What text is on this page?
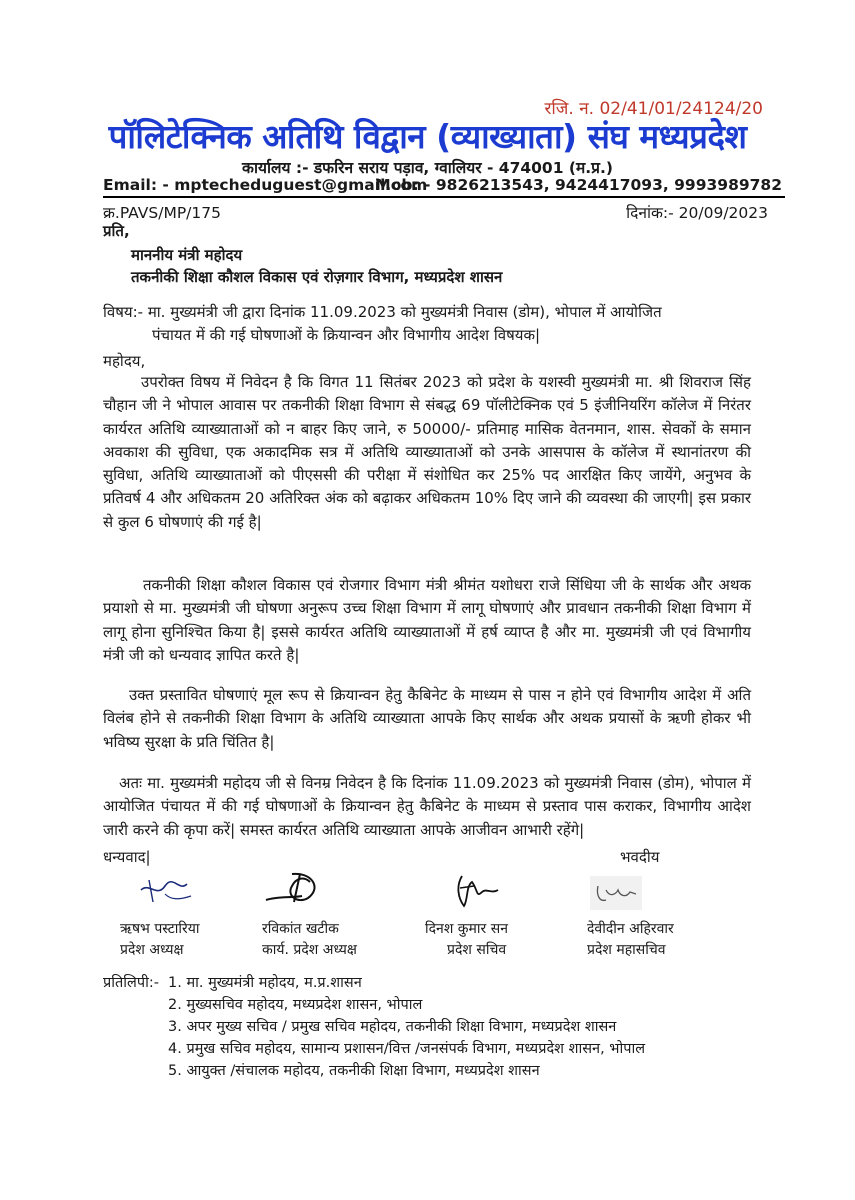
रजि. न. 02/41/01/24124/20
पॉलिटेक्निक अतिथि विद्वान (व्याख्याता) संघ मध्यप्रदेश
कार्यालय :- डफरिन सराय पड़ाव, ग्वालियर - 474001 (म.प्र.)
Email: - mptecheduguest@gmail.com
Mob: - 9826213543, 9424417093, 9993989782
क्र.PAVS/MP/175	दिनांक:- 20/09/2023
प्रति,
माननीय मंत्री महोदय
तकनीकी शिक्षा कौशल विकास एवं रोज़गार विभाग, मध्यप्रदेश शासन
विषय:- मा. मुख्यमंत्री जी द्वारा दिनांक 11.09.2023 को मुख्यमंत्री निवास (डोम), भोपाल में आयोजित
पंचायत में की गई घोषणाओं के क्रियान्वन और विभागीय आदेश विषयक|
महोदय,
उपरोक्त विषय में निवेदन है कि विगत 11 सितंबर 2023 को प्रदेश के यशस्वी मुख्यमंत्री मा. श्री शिवराज सिंह चौहान जी ने भोपाल आवास पर तकनीकी शिक्षा विभाग से संबद्ध 69 पॉलीटेक्निक एवं 5 इंजीनियरिंग कॉलेज में निरंतर कार्यरत अतिथि व्याख्याताओं को न बाहर किए जाने, रु 50000/- प्रतिमाह मासिक वेतनमान, शास. सेवकों के समान अवकाश की सुविधा, एक अकादमिक सत्र में अतिथि व्याख्याताओं को उनके आसपास के कॉलेज में स्थानांतरण की सुविधा, अतिथि व्याख्याताओं को पीएससी की परीक्षा में संशोधित कर 25% पद आरक्षित किए जायेंगे, अनुभव के प्रतिवर्ष 4 और अधिकतम 20 अतिरिक्त अंक को बढ़ाकर अधिकतम 10% दिए जाने की व्यवस्था की जाएगी| इस प्रकार से कुल 6 घोषणाएं की गई है|
तकनीकी शिक्षा कौशल विकास एवं रोजगार विभाग मंत्री श्रीमंत यशोधरा राजे सिंधिया जी के सार्थक और अथक प्रयाशो से मा. मुख्यमंत्री जी घोषणा अनुरूप उच्च शिक्षा विभाग में लागू घोषणाएं और प्रावधान तकनीकी शिक्षा विभाग में लागू होना सुनिश्चित किया है| इससे कार्यरत अतिथि व्याख्याताओं में हर्ष व्याप्त है और मा. मुख्यमंत्री जी एवं विभागीय मंत्री जी को धन्यवाद ज्ञापित करते है|
उक्त प्रस्तावित घोषणाएं मूल रूप से क्रियान्वन हेतु कैबिनेट के माध्यम से पास न होने एवं विभागीय आदेश में अति विलंब होने से तकनीकी शिक्षा विभाग के अतिथि व्याख्याता आपके किए सार्थक और अथक प्रयासों के ऋणी होकर भी भविष्य सुरक्षा के प्रति चिंतित है|
अतः मा. मुख्यमंत्री महोदय जी से विनम्र निवेदन है कि दिनांक 11.09.2023 को मुख्यमंत्री निवास (डोम), भोपाल में आयोजित पंचायत में की गई घोषणाओं के क्रियान्वन हेतु कैबिनेट के माध्यम से प्रस्ताव पास कराकर, विभागीय आदेश जारी करने की कृपा करें| समस्त कार्यरत अतिथि व्याख्याता आपके आजीवन आभारी रहेंगे|
धन्यवाद|	भवदीय
ऋषभ पस्टारिया
प्रदेश अध्यक्ष
रविकांत खटीक
कार्य. प्रदेश अध्यक्ष
दिनश कुमार सन
प्रदेश सचिव
देवीदीन अहिरवार
प्रदेश महासचिव
प्रतिलिपी:- 1. मा. मुख्यमंत्री महोदय, म.प्र.शासन
2. मुख्यसचिव महोदय, मध्यप्रदेश शासन, भोपाल
3. अपर मुख्य सचिव / प्रमुख सचिव महोदय, तकनीकी शिक्षा विभाग, मध्यप्रदेश शासन
4. प्रमुख सचिव महोदय, सामान्य प्रशासन/वित्त /जनसंपर्क विभाग, मध्यप्रदेश शासन, भोपाल
5. आयुक्त /संचालक महोदय, तकनीकी शिक्षा विभाग, मध्यप्रदेश शासन
